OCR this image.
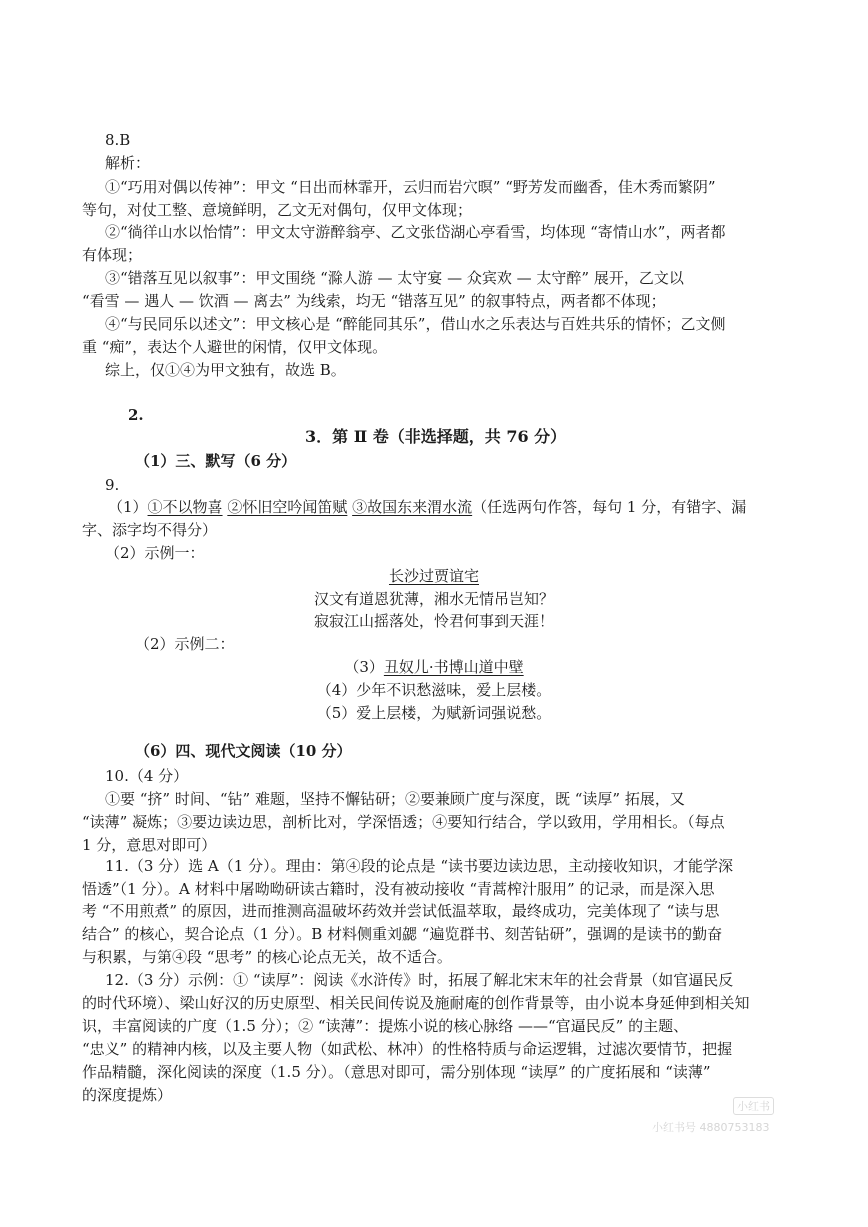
8.B
解析：
①“巧用对偶以传神”：甲文 “日出而林霏开，云归而岩穴暝” “野芳发而幽香，佳木秀而繁阴”
等句，对仗工整、意境鲜明，乙文无对偶句，仅甲文体现；
②“徜徉山水以怡情”：甲文太守游醉翁亭、乙文张岱湖心亭看雪，均体现 “寄情山水”，两者都
有体现；
③“错落互见以叙事”：甲文围绕 “滁人游 — 太守宴 — 众宾欢 — 太守醉” 展开，乙文以
“看雪 — 遇人 — 饮酒 — 离去” 为线索，均无 “错落互见” 的叙事特点，两者都不体现；
④“与民同乐以述文”：甲文核心是 “醉能同其乐”，借山水之乐表达与百姓共乐的情怀；乙文侧
重 “痴”，表达个人避世的闲情，仅甲文体现。
综上，仅①④为甲文独有，故选 B。
2.
3．第 Ⅱ 卷（非选择题，共 76 分）
（1）三、默写（6 分）
9.
（1）①不以物喜 ②怀旧空吟闻笛赋 ③故国东来渭水流（任选两句作答，每句 1 分，有错字、漏
字、添字均不得分）
（2）示例一：
长沙过贾谊宅
汉文有道恩犹薄，湘水无情吊岂知？
寂寂江山摇落处，怜君何事到天涯！
（2）示例二：
（3）丑奴儿·书博山道中壁
（4）少年不识愁滋味，爱上层楼。
（5）爱上层楼，为赋新词强说愁。
（6）四、现代文阅读（10 分）
10.（4 分）
①要 “挤” 时间、“钻” 难题，坚持不懈钻研；②要兼顾广度与深度，既 “读厚” 拓展，又
“读薄” 凝炼；③要边读边思，剖析比对，学深悟透；④要知行结合，学以致用，学用相长。（每点
1 分，意思对即可）
11.（3 分）选 A（1 分）。理由：第④段的论点是 “读书要边读边思，主动接收知识，才能学深
悟透”（1 分）。A 材料中屠呦呦研读古籍时，没有被动接收 “青蒿榨汁服用” 的记录，而是深入思
考 “不用煎煮” 的原因，进而推测高温破坏药效并尝试低温萃取，最终成功，完美体现了 “读与思
结合” 的核心，契合论点（1 分）。B 材料侧重刘勰 “遍览群书、刻苦钻研”，强调的是读书的勤奋
与积累，与第④段 “思考” 的核心论点无关，故不适合。
12.（3 分）示例：① “读厚”：阅读《水浒传》时，拓展了解北宋末年的社会背景（如官逼民反
的时代环境）、梁山好汉的历史原型、相关民间传说及施耐庵的创作背景等，由小说本身延伸到相关知
识，丰富阅读的广度（1.5 分）；② “读薄”：提炼小说的核心脉络 ——“官逼民反” 的主题、
“忠义” 的精神内核，以及主要人物（如武松、林冲）的性格特质与命运逻辑，过滤次要情节，把握
作品精髓，深化阅读的深度（1.5 分）。（意思对即可，需分别体现 “读厚” 的广度拓展和 “读薄”
的深度提炼）
小红书
小红书号 4880753183
